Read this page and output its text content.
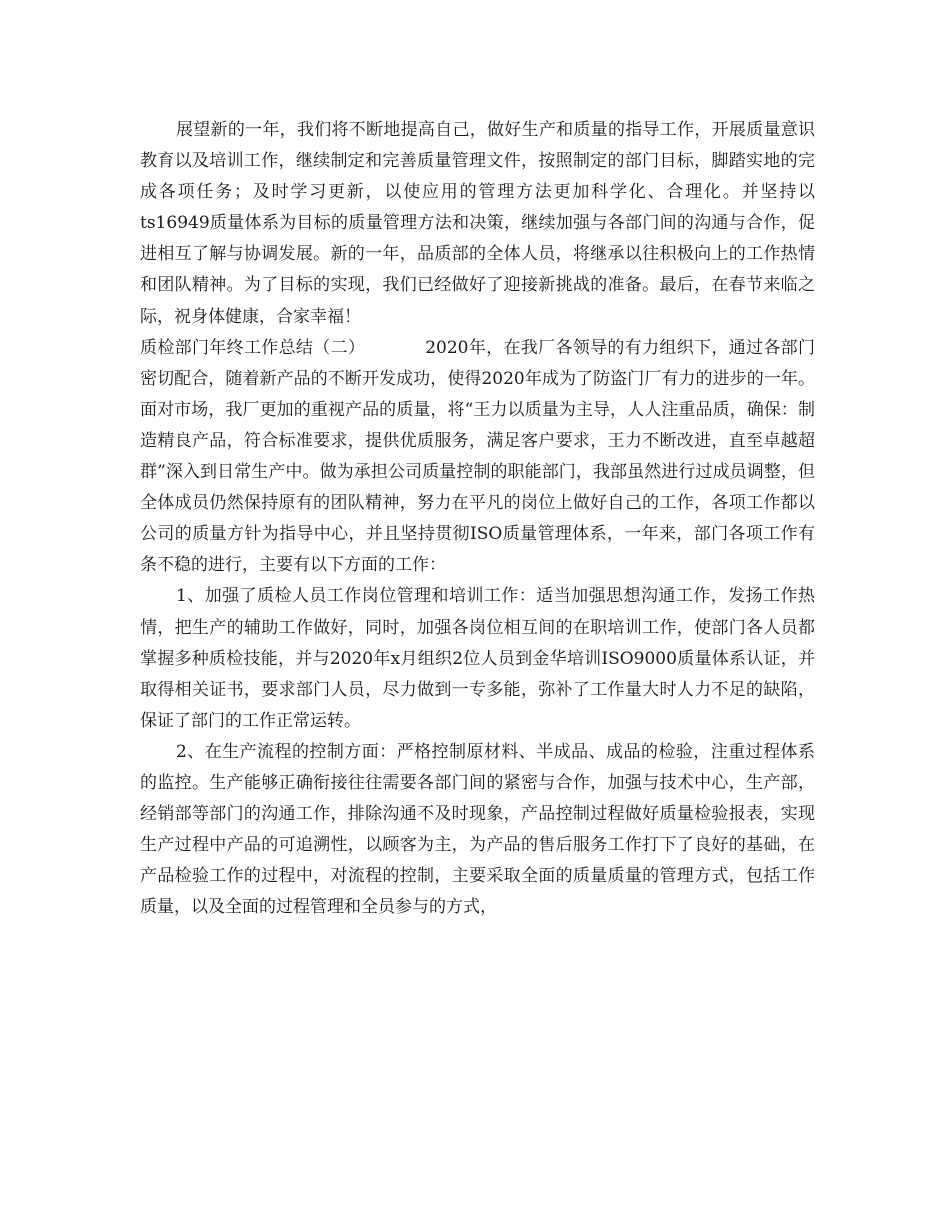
展望新的一年，我们将不断地提高自己，做好生产和质量的指导工作，开展质量意识教育以及培训工作，继续制定和完善质量管理文件，按照制定的部门目标，脚踏实地的完成各项任务；及时学习更新，以使应用的管理方法更加科学化、合理化。并坚持以ts16949质量体系为目标的质量管理方法和决策，继续加强与各部门间的沟通与合作，促进相互了解与协调发展。新的一年，品质部的全体人员，将继承以往积极向上的工作热情和团队精神。为了目标的实现，我们已经做好了迎接新挑战的准备。最后，在春节来临之际，祝身体健康，合家幸福！

质检部门年终工作总结（二）	2020年，在我厂各领导的有力组织下，通过各部门密切配合，随着新产品的不断开发成功，使得2020年成为了防盗门厂有力的进步的一年。面对市场，我厂更加的重视产品的质量，将“王力以质量为主导，人人注重品质，确保：制造精良产品，符合标准要求，提供优质服务，满足客户要求，王力不断改进，直至卓越超群”深入到日常生产中。做为承担公司质量控制的职能部门，我部虽然进行过成员调整，但全体成员仍然保持原有的团队精神，努力在平凡的岗位上做好自己的工作，各项工作都以公司的质量方针为指导中心，并且坚持贯彻ISO质量管理体系，一年来，部门各项工作有条不稳的进行，主要有以下方面的工作：

1、加强了质检人员工作岗位管理和培训工作：适当加强思想沟通工作，发扬工作热情，把生产的辅助工作做好，同时，加强各岗位相互间的在职培训工作，使部门各人员都掌握多种质检技能，并与2020年x月组织2位人员到金华培训ISO9000质量体系认证，并取得相关证书，要求部门人员，尽力做到一专多能，弥补了工作量大时人力不足的缺陷，保证了部门的工作正常运转。

2、在生产流程的控制方面：严格控制原材料、半成品、成品的检验，注重过程体系的监控。生产能够正确衔接往往需要各部门间的紧密与合作，加强与技术中心，生产部，经销部等部门的沟通工作，排除沟通不及时现象，产品控制过程做好质量检验报表，实现生产过程中产品的可追溯性，以顾客为主，为产品的售后服务工作打下了良好的基础，在产品检验工作的过程中，对流程的控制，主要采取全面的质量质量的管理方式，包括工作质量，以及全面的过程管理和全员参与的方式，
